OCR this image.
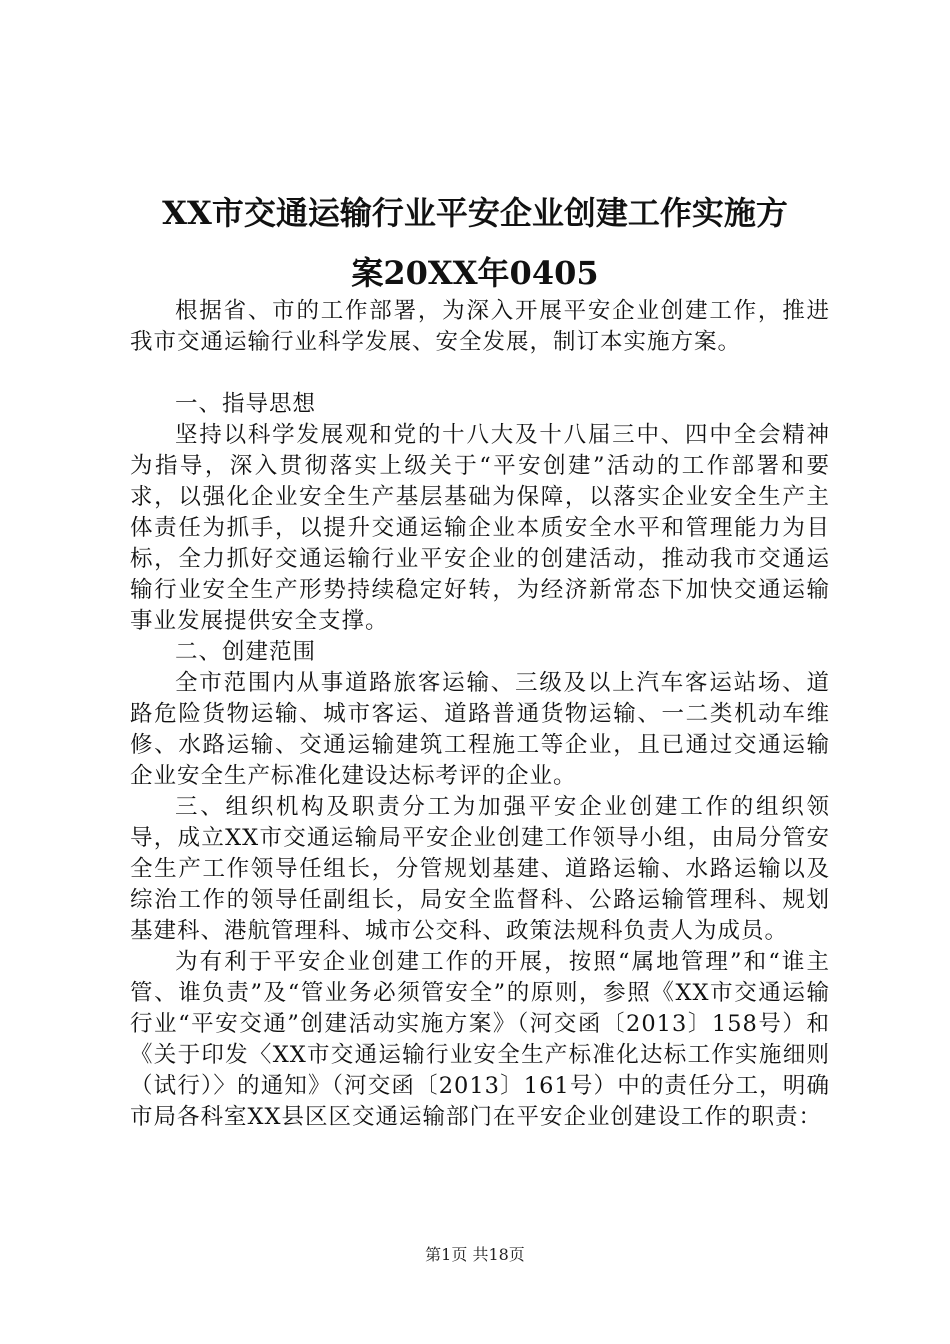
XX市交通运输行业平安企业创建工作实施方
案20XX年0405

根据省、市的工作部署，为深入开展平安企业创建工作，推进我市交通运输行业科学发展、安全发展，制订本实施方案。

一、指导思想

坚持以科学发展观和党的十八大及十八届三中、四中全会精神为指导，深入贯彻落实上级关于“平安创建”活动的工作部署和要求，以强化企业安全生产基层基础为保障，以落实企业安全生产主体责任为抓手，以提升交通运输企业本质安全水平和管理能力为目标，全力抓好交通运输行业平安企业的创建活动，推动我市交通运输行业安全生产形势持续稳定好转，为经济新常态下加快交通运输事业发展提供安全支撑。

二、创建范围

全市范围内从事道路旅客运输、三级及以上汽车客运站场、道路危险货物运输、城市客运、道路普通货物运输、一二类机动车维修、水路运输、交通运输建筑工程施工等企业，且已通过交通运输企业安全生产标准化建设达标考评的企业。

三、组织机构及职责分工为加强平安企业创建工作的组织领导，成立XX市交通运输局平安企业创建工作领导小组，由局分管安全生产工作领导任组长，分管规划基建、道路运输、水路运输以及综治工作的领导任副组长，局安全监督科、公路运输管理科、规划基建科、港航管理科、城市公交科、政策法规科负责人为成员。

为有利于平安企业创建工作的开展，按照“属地管理”和“谁主管、谁负责”及“管业务必须管安全”的原则，参照《XX市交通运输行业“平安交通”创建活动实施方案》（河交函〔2013〕158号）和《关于印发〈XX市交通运输行业安全生产标准化达标工作实施细则（试行）〉的通知》（河交函〔2013〕161号）中的责任分工，明确市局各科室XX县区区交通运输部门在平安企业创建设工作的职责：

第1页 共18页
